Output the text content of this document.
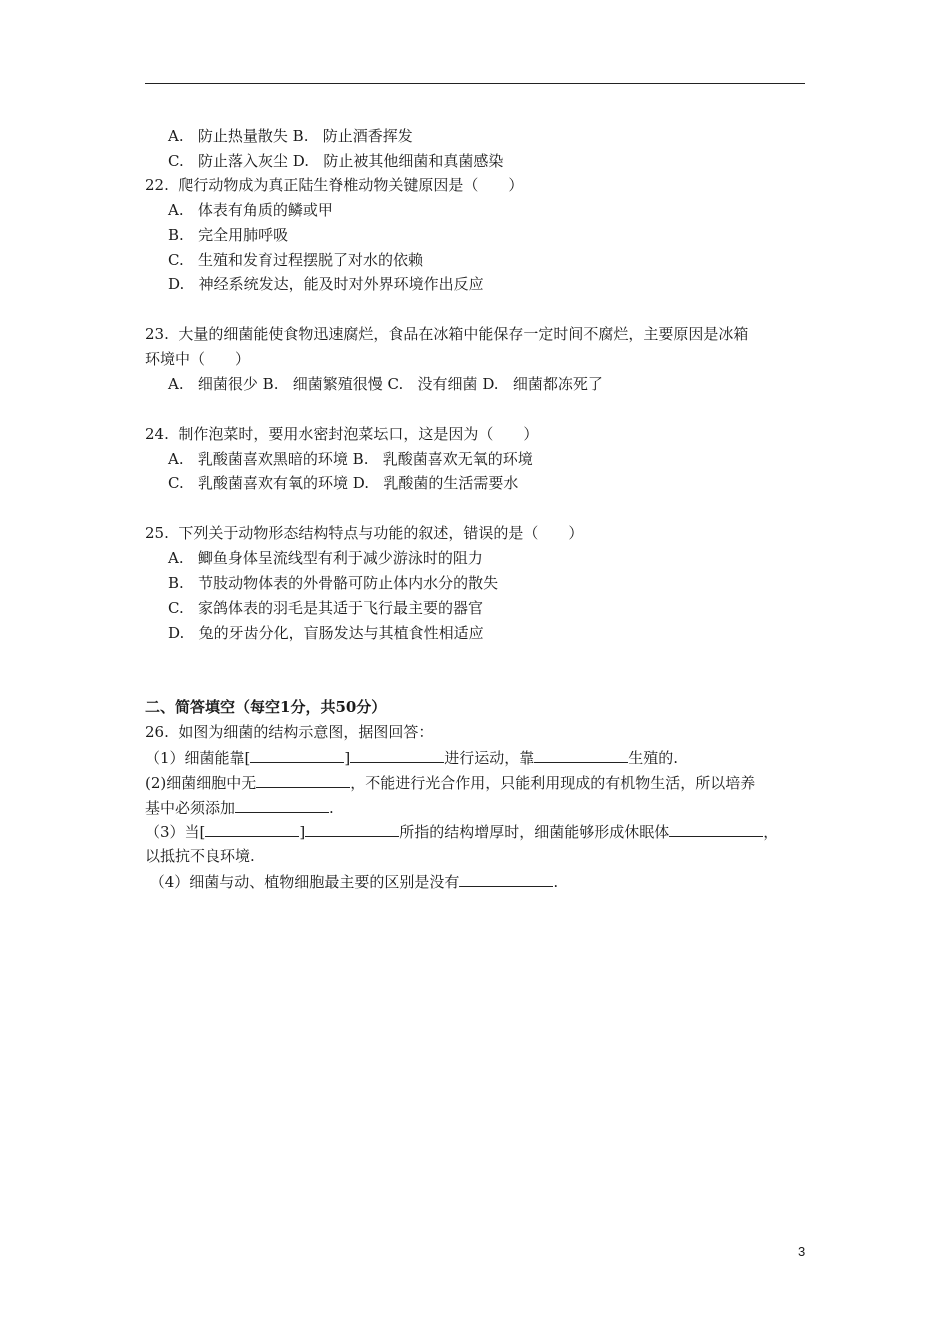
A.   防止热量散失 B.   防止酒香挥发
C.   防止落入灰尘 D.   防止被其他细菌和真菌感染
22.  爬行动物成为真正陆生脊椎动物关键原因是（　　）
A.   体表有角质的鳞或甲
B.   完全用肺呼吸
C.   生殖和发育过程摆脱了对水的依赖
D.   神经系统发达，能及时对外界环境作出反应
23.  大量的细菌能使食物迅速腐烂，食品在冰箱中能保存一定时间不腐烂，主要原因是冰箱
环境中（　　）
A.   细菌很少 B.   细菌繁殖很慢 C.   没有细菌 D.   细菌都冻死了
24.  制作泡菜时，要用水密封泡菜坛口，这是因为（　　）
A.   乳酸菌喜欢黑暗的环境 B.   乳酸菌喜欢无氧的环境
C.   乳酸菌喜欢有氧的环境 D.   乳酸菌的生活需要水
25.  下列关于动物形态结构特点与功能的叙述，错误的是（　　）
A.   鲫鱼身体呈流线型有利于减少游泳时的阻力
B.   节肢动物体表的外骨骼可防止体内水分的散失
C.   家鸽体表的羽毛是其适于飞行最主要的器官
D.   兔的牙齿分化，盲肠发达与其植食性相适应
二、简答填空（每空1分，共50分）
26.  如图为细菌的结构示意图，据图回答：
（1）细菌能靠[	]	进行运动，靠	生殖的.
(2)细菌细胞中无	，不能进行光合作用，只能利用现成的有机物生活，所以培养
基中必须添加	.
（3）当[	]	所指的结构增厚时，细菌能够形成休眠体	，
以抵抗不良环境.
（4）细菌与动、植物细胞最主要的区别是没有	.
3
